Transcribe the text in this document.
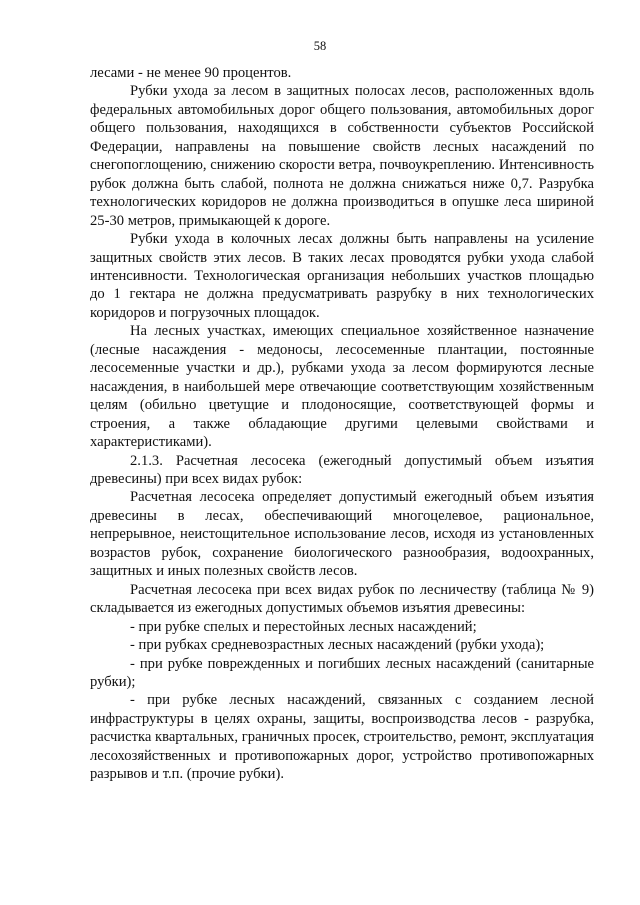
58

лесами - не менее 90 процентов.

Рубки ухода за лесом в защитных полосах лесов, расположенных вдоль федеральных автомобильных дорог общего пользования, автомобильных дорог общего пользования, находящихся в собственности субъектов Российской Федерации, направлены на повышение свойств лесных насаждений по снегопоглощению, снижению скорости ветра, почвоукреплению. Интенсивность рубок должна быть слабой, полнота не должна снижаться ниже 0,7. Разрубка технологических коридоров не должна производиться в опушке леса шириной 25-30 метров, примыкающей к дороге.

Рубки ухода в колочных лесах должны быть направлены на усиление защитных свойств этих лесов. В таких лесах проводятся рубки ухода слабой интенсивности. Технологическая организация небольших участков площадью до 1 гектара не должна предусматривать разрубку в них технологических коридоров и погрузочных площадок.

На лесных участках, имеющих специальное хозяйственное назначение (лесные насаждения - медоносы, лесосеменные плантации, постоянные лесосеменные участки и др.), рубками ухода за лесом формируются лесные насаждения, в наибольшей мере отвечающие соответствующим хозяйственным целям (обильно цветущие и плодоносящие, соответствующей формы и строения, а также обладающие другими целевыми свойствами и характеристиками).

2.1.3. Расчетная лесосека (ежегодный допустимый объем изъятия древесины) при всех видах рубок:

Расчетная лесосека определяет допустимый ежегодный объем изъятия древесины в лесах, обеспечивающий многоцелевое, рациональное, непрерывное, неистощительное использование лесов, исходя из установленных возрастов рубок, сохранение биологического разнообразия, водоохранных, защитных и иных полезных свойств лесов.

Расчетная лесосека при всех видах рубок по лесничеству (таблица № 9) складывается из ежегодных допустимых объемов изъятия древесины:

- при рубке спелых и перестойных лесных насаждений;

- при рубках средневозрастных лесных насаждений (рубки ухода);

- при рубке поврежденных и погибших лесных насаждений (санитарные рубки);

- при рубке лесных насаждений, связанных с созданием лесной инфраструктуры в целях охраны, защиты, воспроизводства лесов - разрубка, расчистка квартальных, граничных просек, строительство, ремонт, эксплуатация лесохозяйственных и противопожарных дорог, устройство противопожарных разрывов и т.п. (прочие рубки).
